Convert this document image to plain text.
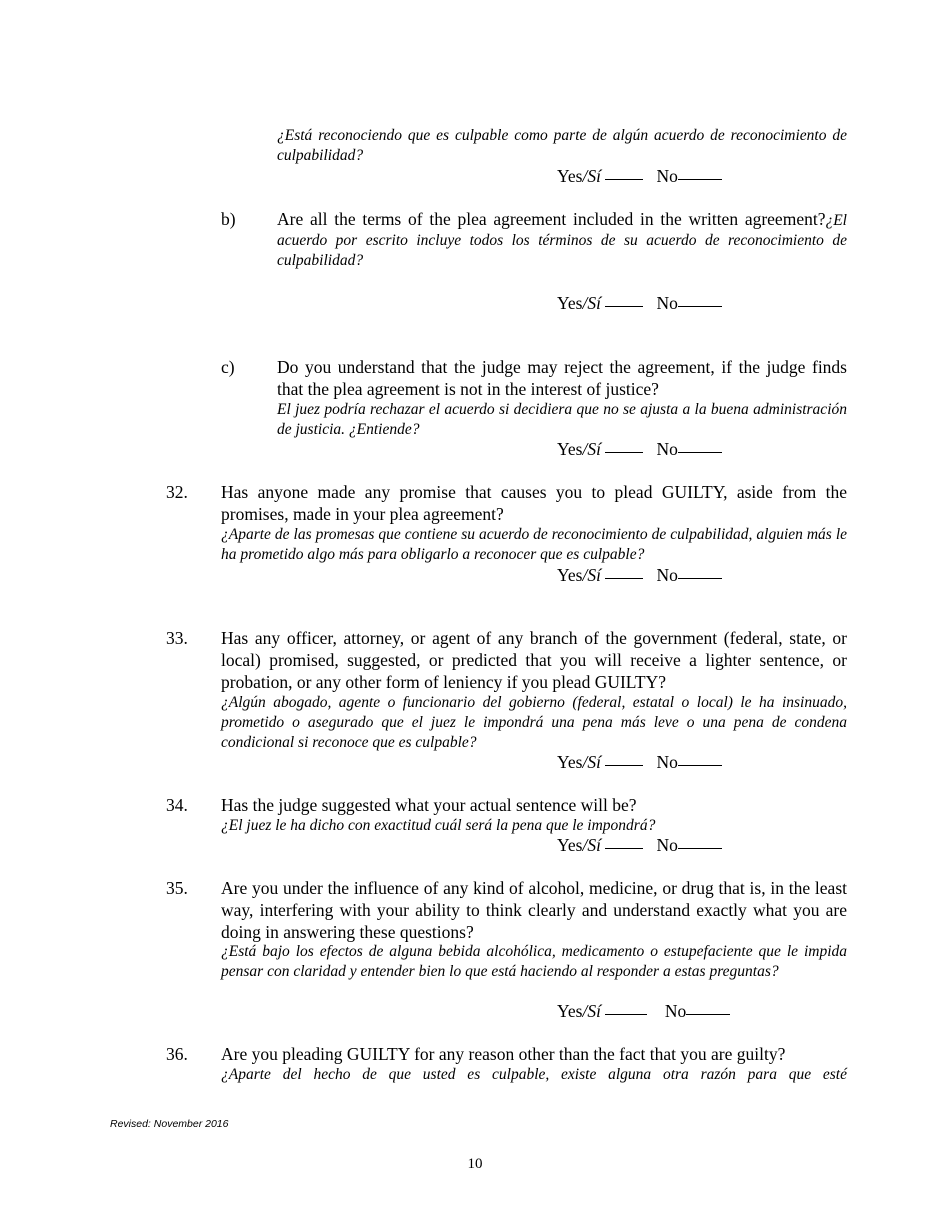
¿Está reconociendo que es culpable como parte de algún acuerdo de reconocimiento de culpabilidad?
Yes/Sí	No
b) Are all the terms of the plea agreement included in the written agreement?¿El acuerdo por escrito incluye todos los términos de su acuerdo de reconocimiento de culpabilidad?
Yes/Sí	No
c) Do you understand that the judge may reject the agreement, if the judge finds that the plea agreement is not in the interest of justice?
El juez podría rechazar el acuerdo si decidiera que no se ajusta a la buena administración de justicia. ¿Entiende?
Yes/Sí	No
32. Has anyone made any promise that causes you to plead GUILTY, aside from the promises, made in your plea agreement?
¿Aparte de las promesas que contiene su acuerdo de reconocimiento de culpabilidad, alguien más le ha prometido algo más para obligarlo a reconocer que es culpable?
Yes/Sí	No
33. Has any officer, attorney, or agent of any branch of the government (federal, state, or local) promised, suggested, or predicted that you will receive a lighter sentence, or probation, or any other form of leniency if you plead GUILTY?
¿Algún abogado, agente o funcionario del gobierno (federal, estatal o local) le ha insinuado, prometido o asegurado que el juez le impondrá una pena más leve o una pena de condena condicional si reconoce que es culpable?
Yes/Sí	No
34. Has the judge suggested what your actual sentence will be?
¿El juez le ha dicho con exactitud cuál será la pena que le impondrá?
Yes/Sí	No
35. Are you under the influence of any kind of alcohol, medicine, or drug that is, in the least way, interfering with your ability to think clearly and understand exactly what you are doing in answering these questions?
¿Está bajo los efectos de alguna bebida alcohólica, medicamento o estupefaciente que le impida pensar con claridad y entender bien lo que está haciendo al responder a estas preguntas?
Yes/Sí	No
36. Are you pleading GUILTY for any reason other than the fact that you are guilty?
¿Aparte del hecho de que usted es culpable, existe alguna otra razón para que esté
Revised: November 2016
10
